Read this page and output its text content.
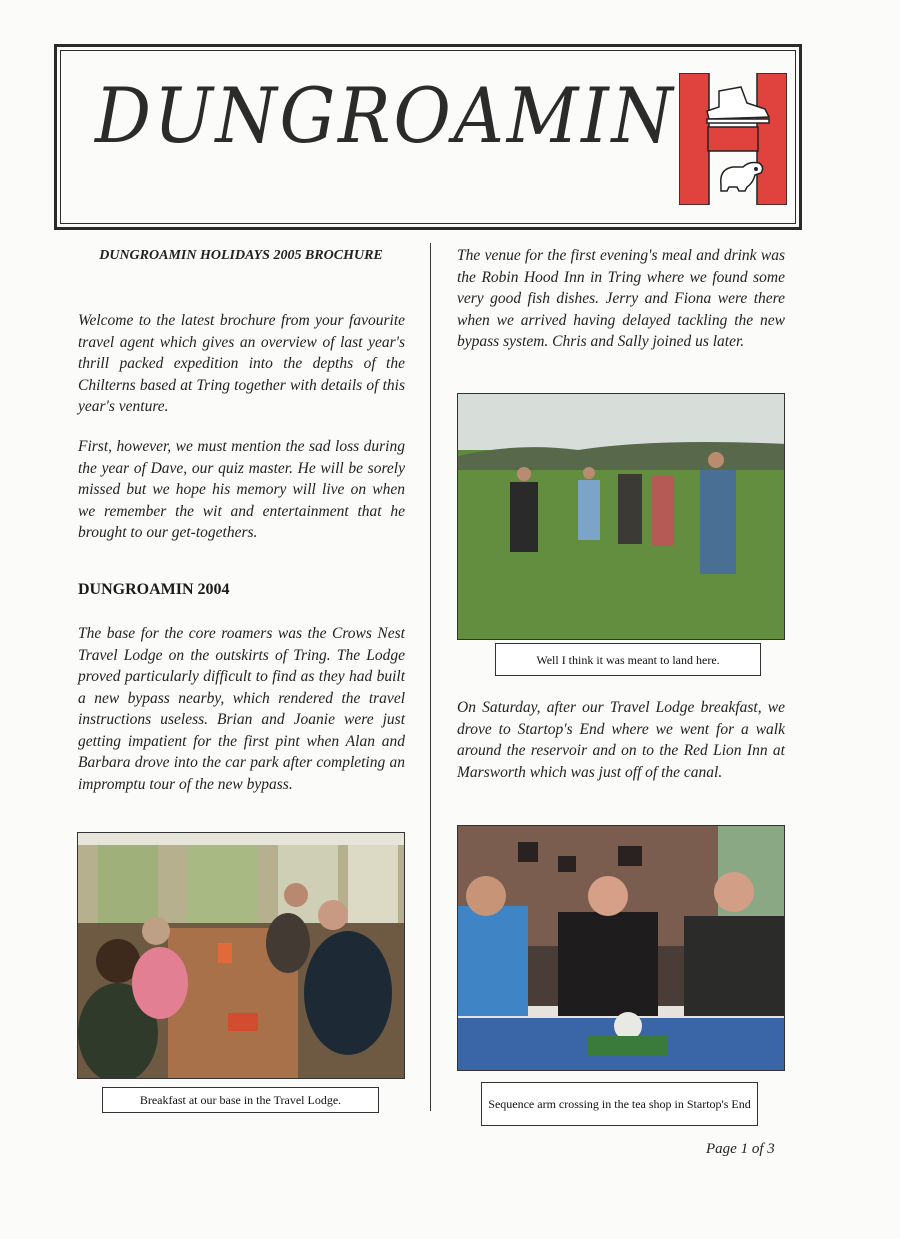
DUNGROAMIN
DUNGROAMIN HOLIDAYS 2005 BROCHURE
Welcome to the latest brochure from your favourite travel agent which gives an overview of last year's thrill packed expedition into the depths of the Chilterns based at Tring together with details of this year's venture.
First, however, we must mention the sad loss during the year of Dave, our quiz master. He will be sorely missed but we hope his memory will live on when we remember the wit and entertainment that he brought to our get-togethers.
DUNGROAMIN 2004
The base for the core roamers was the Crows Nest Travel Lodge on the outskirts of Tring. The Lodge proved particularly difficult to find as they had built a new bypass nearby, which rendered the travel instructions useless. Brian and Joanie were just getting impatient for the first pint when Alan and Barbara drove into the car park after completing an impromptu tour of the new bypass.
Breakfast at our base in the Travel Lodge.
The venue for the first evening's meal and drink was the Robin Hood Inn in Tring where we found some very good fish dishes. Jerry and Fiona were there when we arrived having delayed tackling the new bypass system. Chris and Sally joined us later.
Well I think it was meant to land here.
On Saturday, after our Travel Lodge breakfast, we drove to Startop's End where we went for a walk around the reservoir and on to the Red Lion Inn at Marsworth which was just off of the canal.
Sequence arm crossing in the tea shop in Startop's End
Page 1 of 3
